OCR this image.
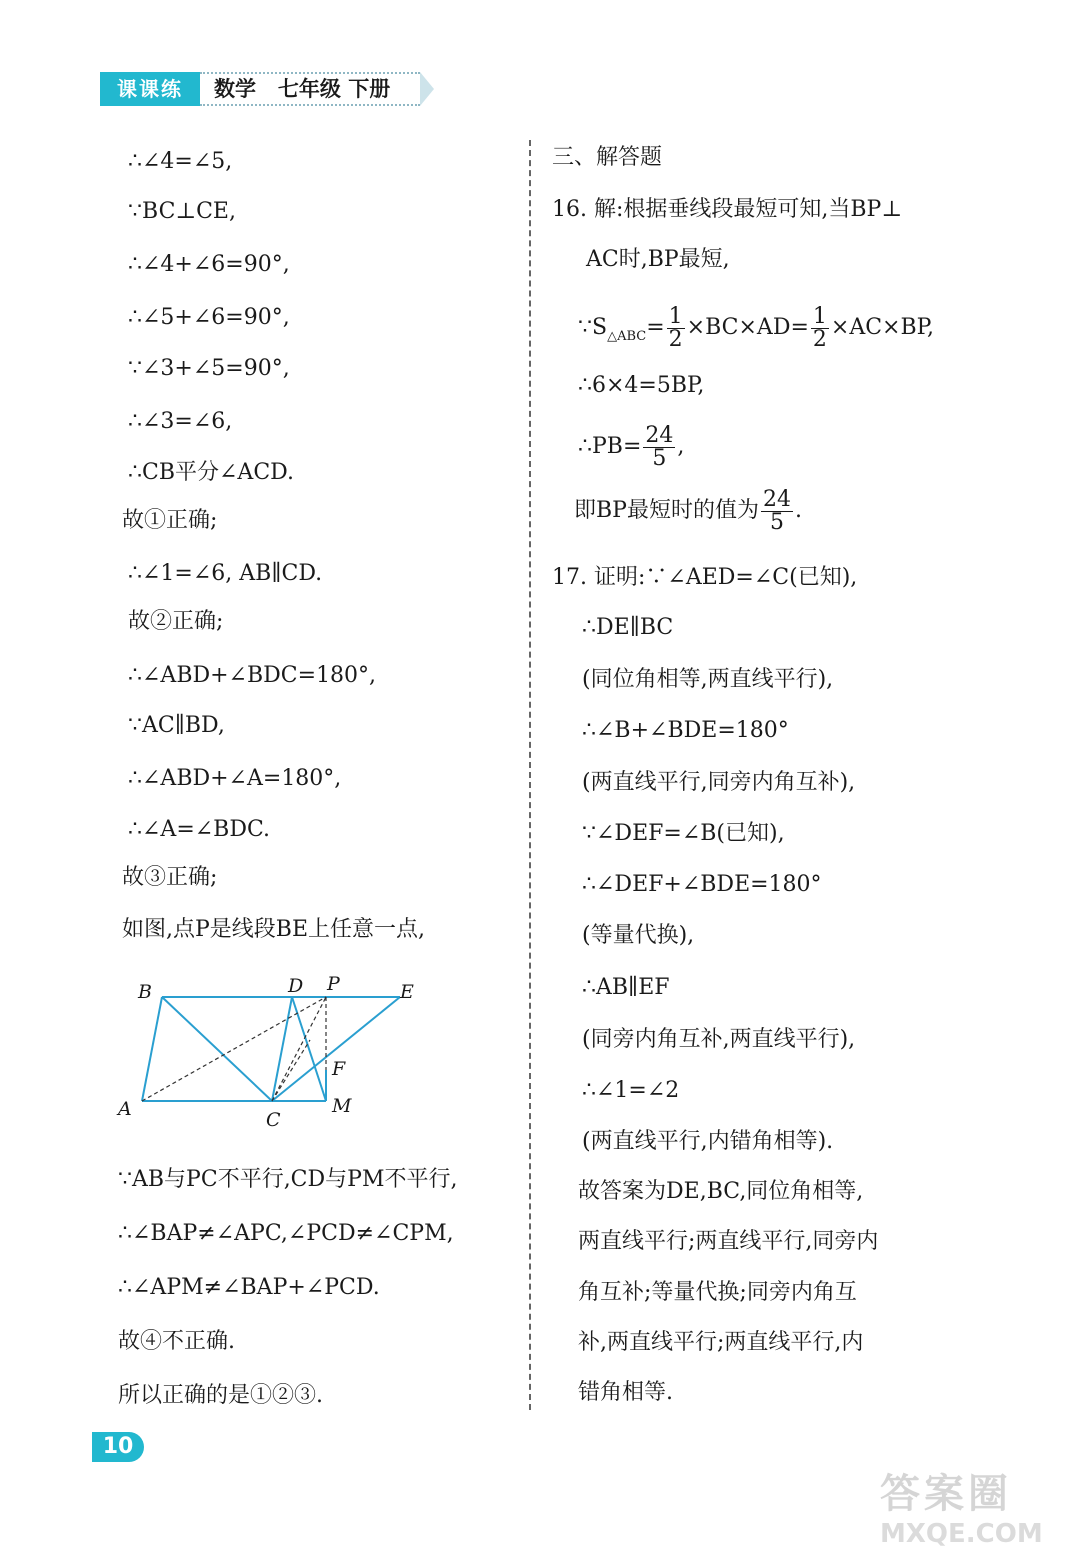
课课练	数学   七年级 下册
∴∠4=∠5,
∵BC⊥CE,
∴∠4+∠6=90°,
∴∠5+∠6=90°,
∵∠3+∠5=90°,
∴∠3=∠6,
∴CB平分∠ACD.
故①正确;
∴∠1=∠6, AB∥CD.
故②正确;
∴∠ABD+∠BDC=180°,
∵AC∥BD,
∴∠ABD+∠A=180°,
∴∠A=∠BDC.
故③正确;
如图,点P是线段BE上任意一点,
∵AB与PC不平行,CD与PM不平行,
∴∠BAP≠∠APC,∠PCD≠∠CPM,
∴∠APM≠∠BAP+∠PCD.
故④不正确.
所以正确的是①②③.
B	D P	E
F
A	C
M
三、解答题
16. 解:根据垂线段最短可知,当BP⊥
AC时,BP最短,
$\because S_{\triangle ABC}= \frac{1}{2} \times BC\times AD= \frac{1}{2} \times AC\times BP$,
∴6×4=5BP,
∴PB= $\frac{24}{5}$ ,
即BP最短时的值为 $\frac{24}{5}$ .
17. 证明:∵∠AED=∠C(已知),
∴DE∥BC
(同位角相等,两直线平行),
∴∠B+∠BDE=180°
(两直线平行,同旁内角互补),
∵∠DEF=∠B(已知),
∴∠DEF+∠BDE=180°
(等量代换),
∴AB∥EF
(同旁内角互补,两直线平行),
∴∠1=∠2
(两直线平行,内错角相等).
故答案为DE,BC,同位角相等,
两直线平行;两直线平行,同旁内
角互补;等量代换;同旁内角互
补,两直线平行;两直线平行,内
错角相等.
10
答案圈
MXQE.COM
